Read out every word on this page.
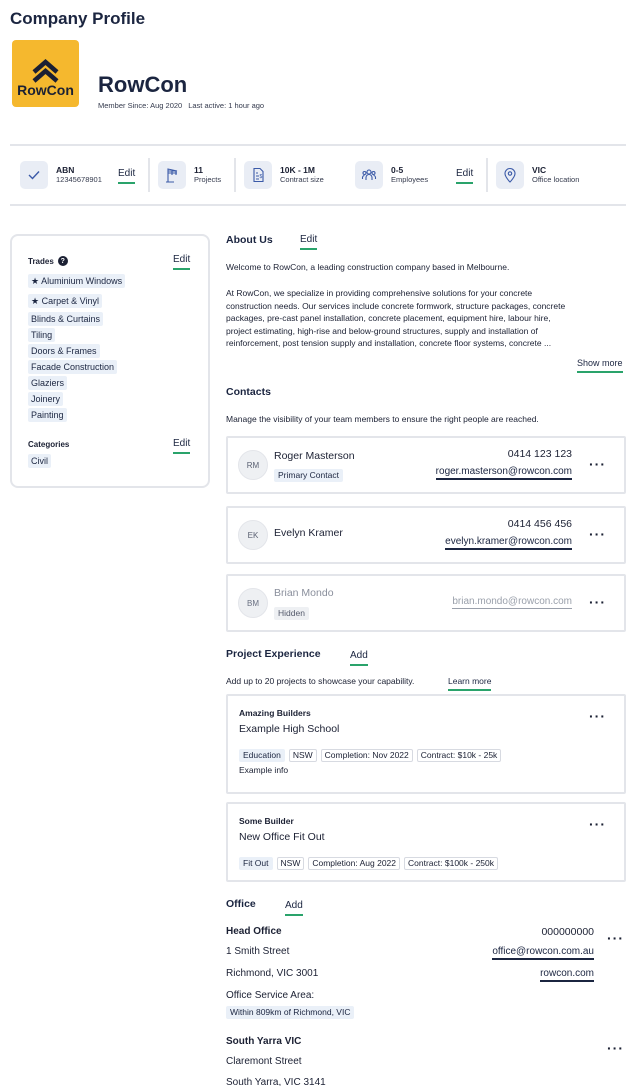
Company Profile
RowCon RowCon
Member Since: Aug 2020 Last active: 1 hour ago
ABN
12345678901
Edit	11
Projects	$
10K - 1M
Contract size
0-5
Employees
Edit	VIC
Office location
Trades ?	Edit
★ Aluminium Windows
★ Carpet & Vinyl
Blinds & Curtains
Tiling
Doors & Frames
Facade Construction
Glaziers
Joinery
Painting
Categories	Edit
Civil
About Us	Edit
Welcome to RowCon, a leading construction company based in Melbourne.
At RowCon, we specialize in providing comprehensive solutions for your concrete
construction needs. Our services include concrete formwork, structure packages, concrete
packages, pre-cast panel installation, concrete placement, equipment hire, labour hire,
project estimating, high-rise and below-ground structures, supply and installation of
reinforcement, post tension supply and installation, concrete floor systems, concrete ...
Show more
Contacts
Manage the visibility of your team members to ensure the right people are reached.
RM
Roger Masterson
Primary Contact
0414 123 123
roger.masterson@rowcon.com ···
EK	Evelyn Kramer
0414 456 456
evelyn.kramer@rowcon.com ···
BM
Brian Mondo
Hidden
brian.mondo@rowcon.com ···
Project Experience	Add
Add up to 20 projects to showcase your capability.	Learn more
Amazing Builders
Example High School
Education NSW Completion: Nov 2022 Contract: $10k - 25k
Example info
···
Some Builder
New Office Fit Out
Fit Out NSW Completion: Aug 2022 Contract: $100k - 250k
···
Office	Add
Head Office
1 Smith Street
Richmond, VIC 3001
Office Service Area:
Within 809km of Richmond, VIC
000000000
office@rowcon.com.au
rowcon.com
···
South Yarra VIC
Claremont Street
South Yarra, VIC 3141
···
